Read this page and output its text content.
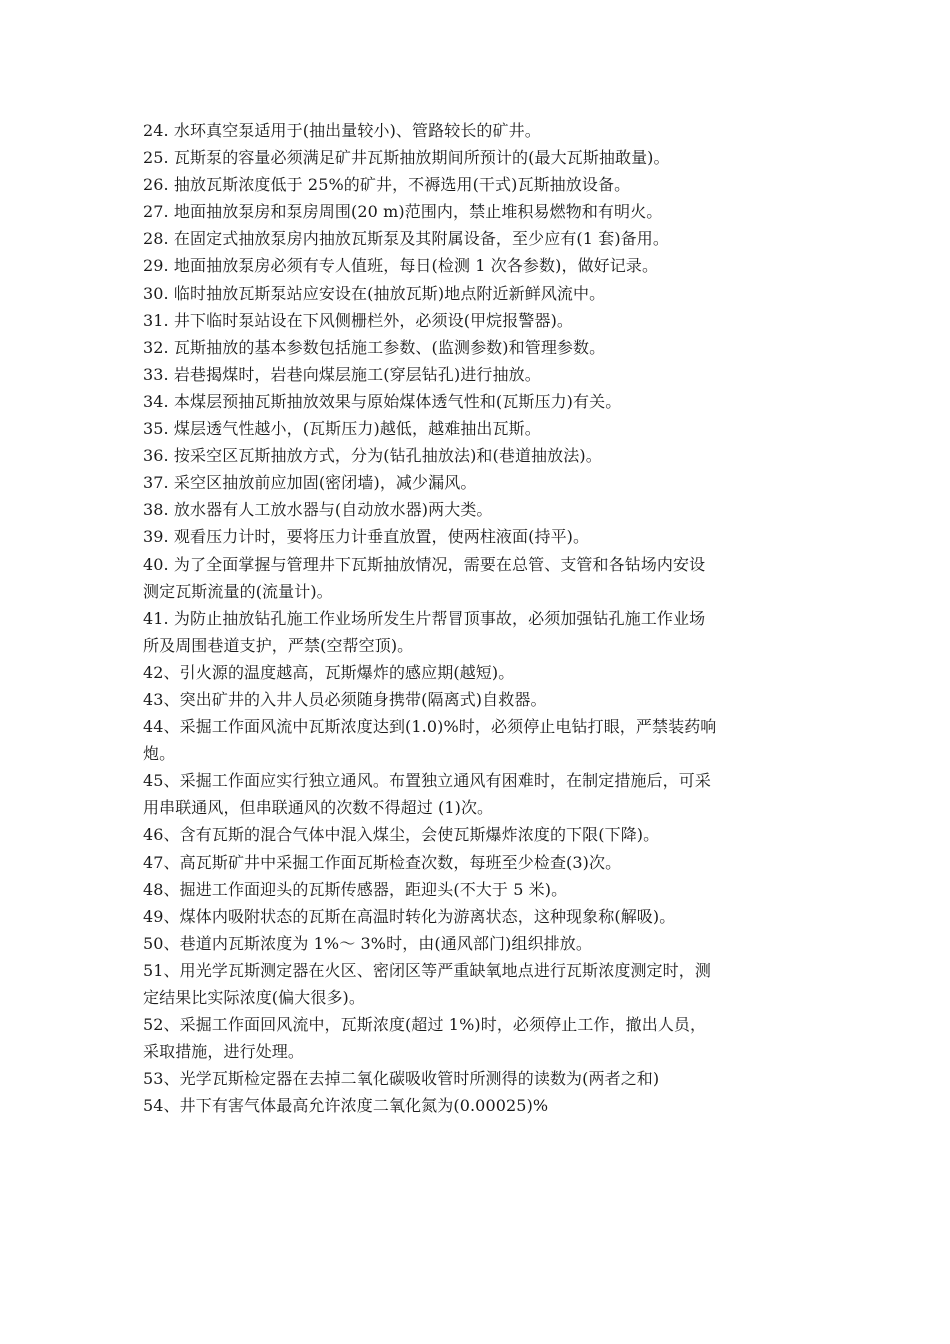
24. 水环真空泵适用于(抽出量较小)、管路较长的矿井。
25. 瓦斯泵的容量必须满足矿井瓦斯抽放期间所预计的(最大瓦斯抽敢量)。
26. 抽放瓦斯浓度低于 25%的矿井，不褥选用(干式)瓦斯抽放设备。
27. 地面抽放泵房和泵房周围(20 m)范围内，禁止堆积易燃物和有明火。
28. 在固定式抽放泵房内抽放瓦斯泵及其附属设备，至少应有(1 套)备用。
29. 地面抽放泵房必须有专人值班，每日(检测 1 次各参数)，做好记录。
30. 临时抽放瓦斯泵站应安设在(抽放瓦斯)地点附近新鲜风流中。
31. 井下临时泵站设在下风侧栅栏外，必须设(甲烷报警器)。
32. 瓦斯抽放的基本参数包括施工参数、(监测参数)和管理参数。
33. 岩巷揭煤时，岩巷向煤层施工(穿层钻孔)进行抽放。
34. 本煤层预抽瓦斯抽放效果与原始煤体透气性和(瓦斯压力)有关。
35. 煤层透气性越小，(瓦斯压力)越低，越难抽出瓦斯。
36. 按采空区瓦斯抽放方式，分为(钻孔抽放法)和(巷道抽放法)。
37. 采空区抽放前应加固(密闭墙)，减少漏风。
38. 放水器有人工放水器与(自动放水器)两大类。
39. 观看压力计时，要将压力计垂直放置，使两柱液面(持平)。
40. 为了全面掌握与管理井下瓦斯抽放情况，需要在总管、支管和各钻场内安设
测定瓦斯流量的(流量计)。
41. 为防止抽放钻孔施工作业场所发生片帮冒顶事故，必须加强钻孔施工作业场
所及周围巷道支护，严禁(空帮空顶)。
42、引火源的温度越高，瓦斯爆炸的感应期(越短)。
43、突出矿井的入井人员必须随身携带(隔离式)自救器。
44、采掘工作面风流中瓦斯浓度达到(1.0)%时，必须停止电钻打眼，严禁装药响
炮。
45、采掘工作面应实行独立通风。布置独立通风有困难时，在制定措施后，可采
用串联通风，但串联通风的次数不得超过 (1)次。
46、含有瓦斯的混合气体中混入煤尘，会使瓦斯爆炸浓度的下限(下降)。
47、高瓦斯矿井中采掘工作面瓦斯检查次数，每班至少检查(3)次。
48、掘进工作面迎头的瓦斯传感器，距迎头(不大于 5 米)。
49、煤体内吸附状态的瓦斯在高温时转化为游离状态，这种现象称(解吸)。
50、巷道内瓦斯浓度为 1%～ 3%时，由(通风部门)组织排放。
51、用光学瓦斯测定器在火区、密闭区等严重缺氧地点进行瓦斯浓度测定时，测
定结果比实际浓度(偏大很多)。
52、采掘工作面回风流中，瓦斯浓度(超过 1%)时，必须停止工作，撤出人员，
采取措施，进行处理。
53、光学瓦斯检定器在去掉二氧化碳吸收管时所测得的读数为(两者之和)
54、井下有害气体最高允许浓度二氧化氮为(0.00025)%
